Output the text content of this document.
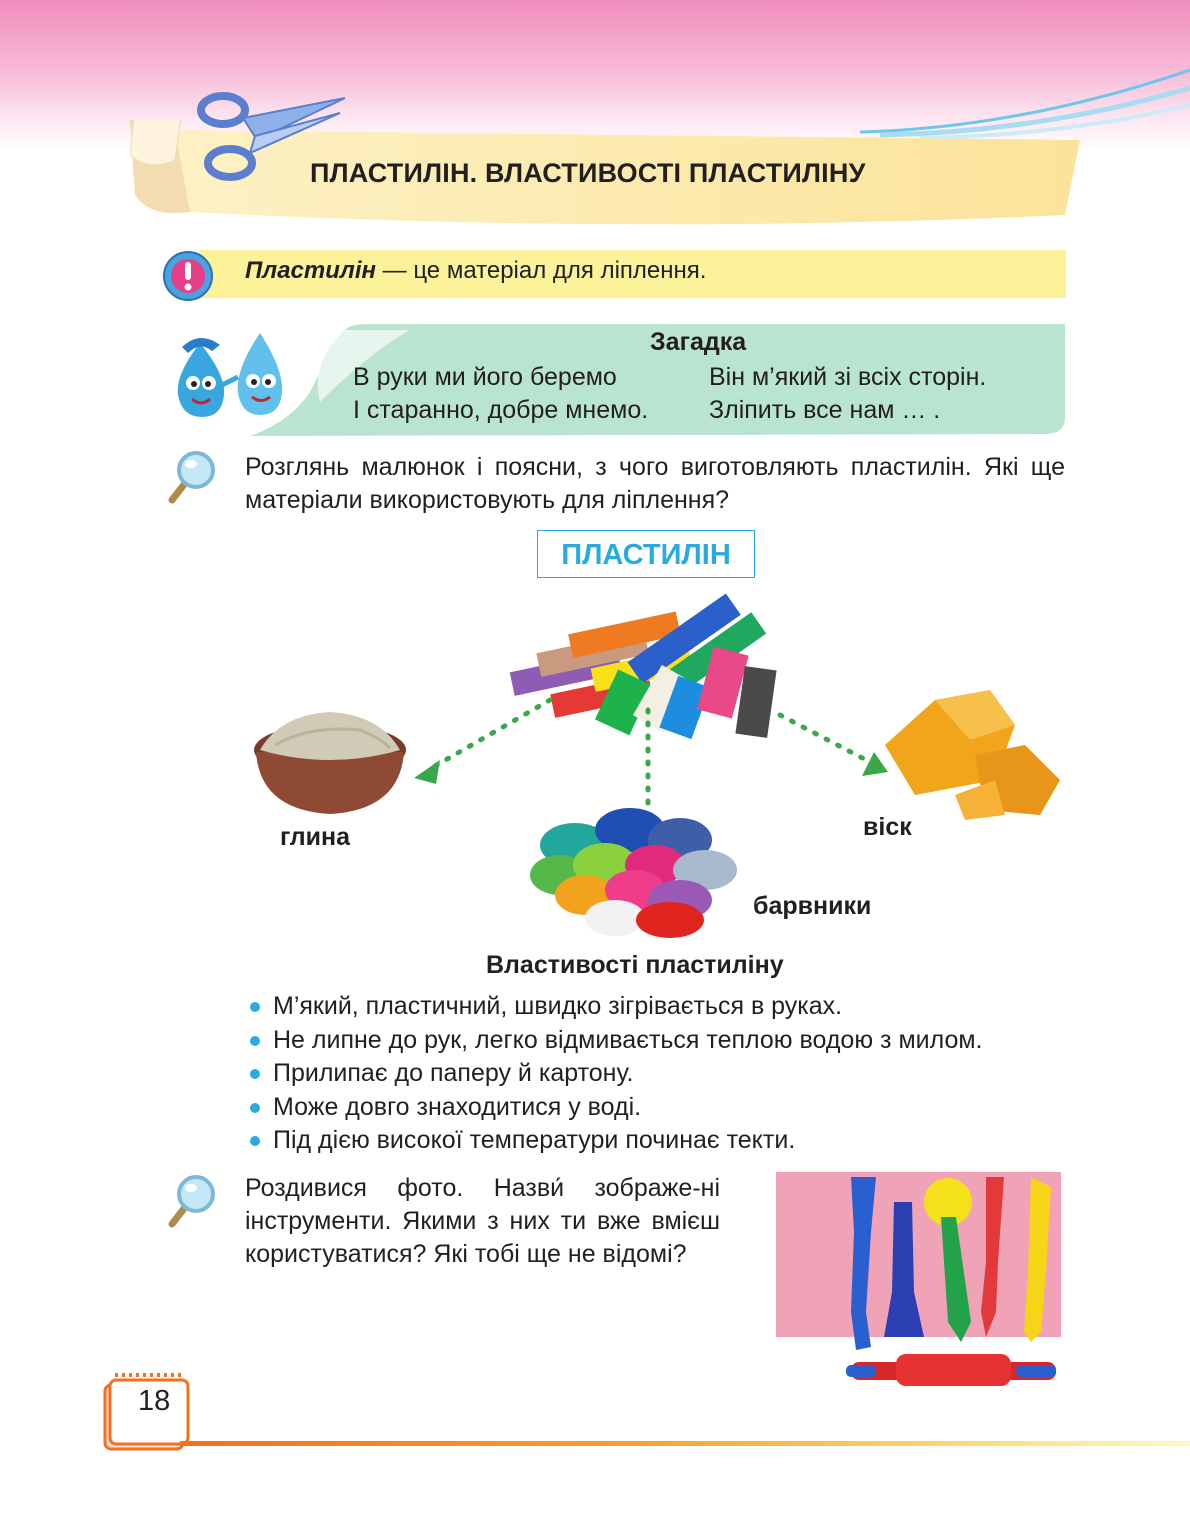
ПЛАСТИЛІН. ВЛАСТИВОСТІ ПЛАСТИЛІНУ
Пластилін — це матеріал для ліплення.
Загадка
В руки ми його беремо	Він м’який зі всіх сторін.
І старанно, добре мнемо. Зліпить все нам … .
Розглянь малюнок і поясни, з чого виготовляють пластилін. Які ще матеріали використовують для ліплення?
ПЛАСТИЛІН
глина
барвники
віск
Властивості пластиліну
М’який, пластичний, швидко зігрівається в руках.
Не липне до рук, легко відмивається теплою водою з милом.
Прилипає до паперу й картону.
Може довго знаходитися у воді.
Під дією високої температури починає текти.
Роздивися фото. Назви́ зображе-ні інструменти. Якими з них ти вже вмієш користуватися? Які тобі ще не відомі?
18
